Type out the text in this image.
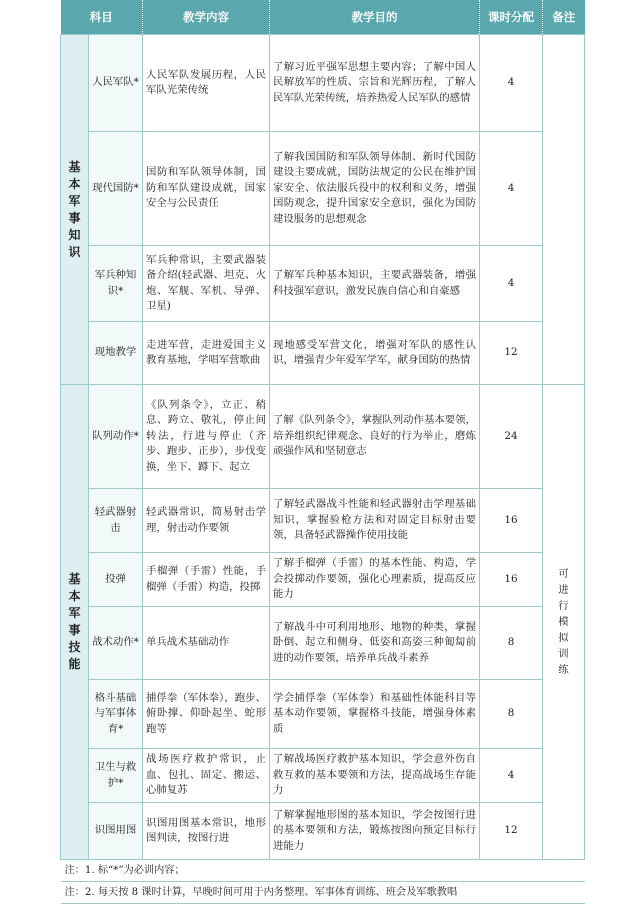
科目		教学内容	教学目的	课时分配	备注
基本军事知识	人民军队*	人民军队发展历程，人民军队光荣传统	了解习近平强军思想主要内容；了解中国人民解放军的性质、宗旨和光辉历程，了解人民军队光荣传统，培养热爱人民军队的感情	4	
	现代国防*	国防和军队领导体制，国防和军队建设成就，国家安全与公民责任	了解我国国防和军队领导体制、新时代国防建设主要成就，国防法规定的公民在维护国家安全、依法服兵役中的权利和义务，增强国防观念，提升国家安全意识，强化为国防建设服务的思想观念	4	
	军兵种知识*	军兵种常识，主要武器装备介绍(轻武器、坦克、火炮、军舰、军机、导弹、卫星)	了解军兵种基本知识，主要武器装备，增强科技强军意识，激发民族自信心和自豪感	4	
	现地教学	走进军营，走进爱国主义教育基地，学唱军营歌曲	现地感受军营文化，增强对军队的感性认识，增强青少年爱军学军，献身国防的热情	12	
基本军事技能	队列动作*	《队列条令》，立正、稍息、跨立、敬礼，停止间转法，行进与停止（齐步、跑步、正步），步伐变换，坐下、蹲下、起立	了解《队列条令》，掌握队列动作基本要领，培养组织纪律观念、良好的行为举止，磨炼顽强作风和坚韧意志	24	可进行模拟训练
	轻武器射击	轻武器常识，简易射击学理，射击动作要领	了解轻武器战斗性能和轻武器射击学理基础知识，掌握验枪方法和对固定目标射击要领，具备轻武器操作使用技能	16	
	投弹	手榴弹（手雷）性能，手榴弹（手雷）构造，投掷	了解手榴弹（手雷）的基本性能、构造，学会投掷动作要领，强化心理素质，提高反应能力	16	
	战术动作*	单兵战术基础动作	了解战斗中可利用地形、地物的种类，掌握卧倒、起立和侧身、低姿和高姿三种匍匐前进的动作要领，培养单兵战斗素养	8	
	格斗基础与军事体育*	捕俘拳（军体拳），跑步、俯卧撑、仰卧起坐、蛇形跑等	学会捕俘拳（军体拳）和基础性体能科目等基本动作要领，掌握格斗技能，增强身体素质	8	
	卫生与救护*	战场医疗救护常识，止血、包扎、固定、搬运、心肺复苏	了解战场医疗救护基本知识，学会意外伤自救互救的基本要领和方法，提高战场生存能力	4	
	识图用图	识图用图基本常识，地形图判读，按图行进	了解掌握地形图的基本知识，学会按图行进的基本要领和方法，锻炼按图向预定目标行进能力	12	
注：1. 标“*”为必训内容；					
注：2. 每天按 8 课时计算，早晚时间可用于内务整理、军事体育训练、班会及军歌教唱					
